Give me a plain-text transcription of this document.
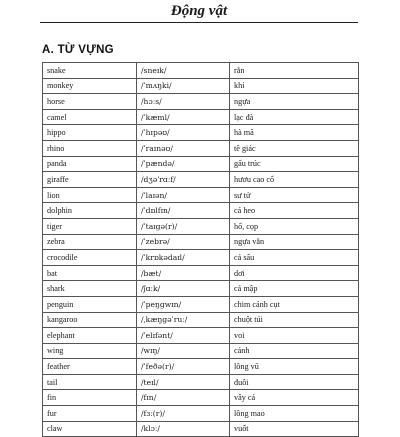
Động vật
A. TỪ VỰNG
snake	/sneɪk/	rắn
monkey	/ˈmʌŋki/	khỉ
horse	/hɔːs/	ngựa
camel	/ˈkæml/	lạc đà
hippo	/ˈhɪpəʊ/	hà mã
rhino	/ˈraɪnəʊ/	tê giác
panda	/ˈpændə/	gấu trúc
giraffe	/dʒəˈrɑːf/	hươu cao cổ
lion	/ˈlaɪən/	sư tử
dolphin	/ˈdɒlfɪn/	cá heo
tiger	/ˈtaɪgə(r)/	hổ, cọp
zebra	/ˈzebrə/	ngựa vằn
crocodile	/ˈkrɒkədaɪl/	cá sấu
bat	/bæt/	dơi
shark	/ʃɑːk/	cá mập
penguin	/ˈpeŋgwɪn/	chim cánh cụt
kangaroo	/ˌkæŋgəˈruː/	chuột túi
elephant	/ˈelɪfənt/	voi
wing	/wɪŋ/	cánh
feather	/ˈfeðə(r)/	lông vũ
tail	/teɪl/	đuôi
fin	/fɪn/	vây cá
fur	/fɜː(r)/	lông mao
claw	/klɔː/	vuốt
